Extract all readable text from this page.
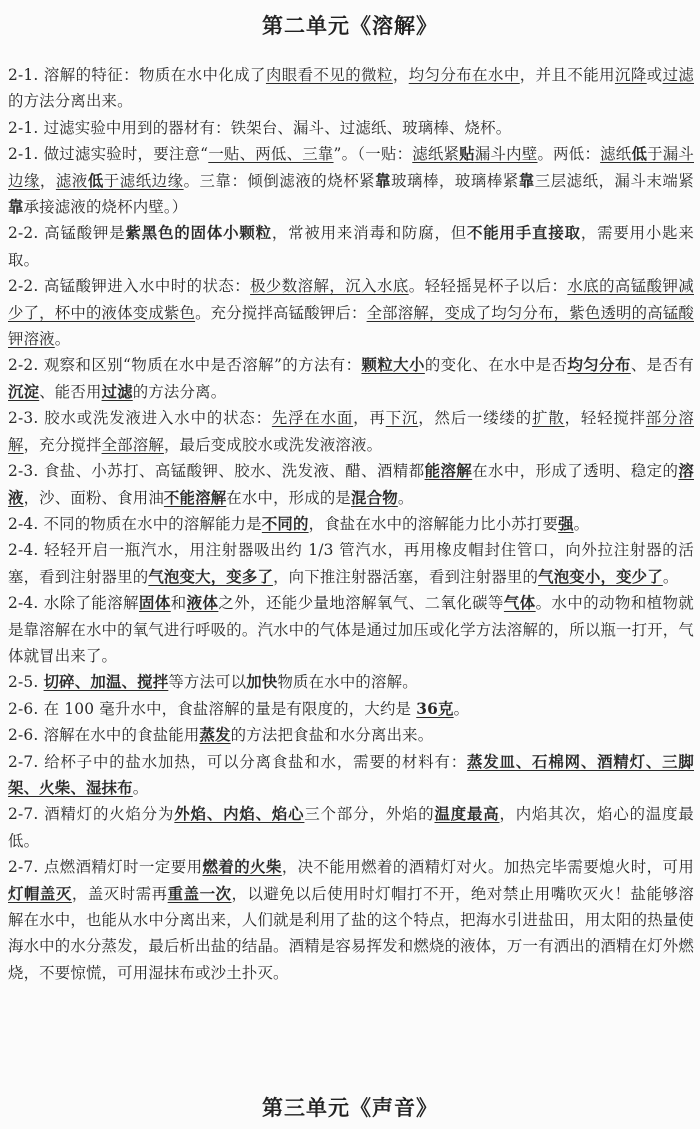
第二单元《溶解》

2-1. 溶解的特征：物质在水中化成了肉眼看不见的微粒，均匀分布在水中，并且不能用沉降或过滤的方法分离出来。

2-1. 过滤实验中用到的器材有：铁架台、漏斗、过滤纸、玻璃棒、烧杯。

2-1. 做过滤实验时，要注意“一贴、两低、三靠”。（一贴：滤纸紧贴漏斗内壁。两低：滤纸低于漏斗边缘，滤液低于滤纸边缘。三靠：倾倒滤液的烧杯紧靠玻璃棒，玻璃棒紧靠三层滤纸，漏斗末端紧靠承接滤液的烧杯内壁。）

2-2. 高锰酸钾是紫黑色的固体小颗粒，常被用来消毒和防腐，但不能用手直接取，需要用小匙来取。

2-2. 高锰酸钾进入水中时的状态：极少数溶解，沉入水底。轻轻摇晃杯子以后：水底的高锰酸钾减少了，杯中的液体变成紫色。充分搅拌高锰酸钾后：全部溶解，变成了均匀分布，紫色透明的高锰酸钾溶液。

2-2. 观察和区别“物质在水中是否溶解”的方法有：颗粒大小的变化、在水中是否均匀分布、是否有沉淀、能否用过滤的方法分离。

2-3. 胶水或洗发液进入水中的状态：先浮在水面，再下沉，然后一缕缕的扩散，轻轻搅拌部分溶解，充分搅拌全部溶解，最后变成胶水或洗发液溶液。

2-3. 食盐、小苏打、高锰酸钾、胶水、洗发液、醋、酒精都能溶解在水中，形成了透明、稳定的溶液，沙、面粉、食用油不能溶解在水中，形成的是混合物。

2-4. 不同的物质在水中的溶解能力是不同的，食盐在水中的溶解能力比小苏打要强。

2-4. 轻轻开启一瓶汽水，用注射器吸出约 1/3 管汽水，再用橡皮帽封住管口，向外拉注射器的活塞，看到注射器里的气泡变大，变多了，向下推注射器活塞，看到注射器里的气泡变小，变少了。

2-4. 水除了能溶解固体和液体之外，还能少量地溶解氧气、二氧化碳等气体。水中的动物和植物就是靠溶解在水中的氧气进行呼吸的。汽水中的气体是通过加压或化学方法溶解的，所以瓶一打开，气体就冒出来了。

2-5. 切碎、加温、搅拌等方法可以加快物质在水中的溶解。

2-6. 在 100 毫升水中，食盐溶解的量是有限度的，大约是 36克。

2-6. 溶解在水中的食盐能用蒸发的方法把食盐和水分离出来。

2-7. 给杯子中的盐水加热，可以分离食盐和水，需要的材料有：蒸发皿、石棉网、酒精灯、三脚架、火柴、湿抹布。

2-7. 酒精灯的火焰分为外焰、内焰、焰心三个部分，外焰的温度最高，内焰其次，焰心的温度最低。

2-7. 点燃酒精灯时一定要用燃着的火柴，决不能用燃着的酒精灯对火。加热完毕需要熄火时，可用灯帽盖灭，盖灭时需再重盖一次，以避免以后使用时灯帽打不开，绝对禁止用嘴吹灭火！盐能够溶解在水中，也能从水中分离出来，人们就是利用了盐的这个特点，把海水引进盐田，用太阳的热量使海水中的水分蒸发，最后析出盐的结晶。酒精是容易挥发和燃烧的液体，万一有洒出的酒精在灯外燃烧，不要惊慌，可用湿抹布或沙土扑灭。

第三单元《声音》
